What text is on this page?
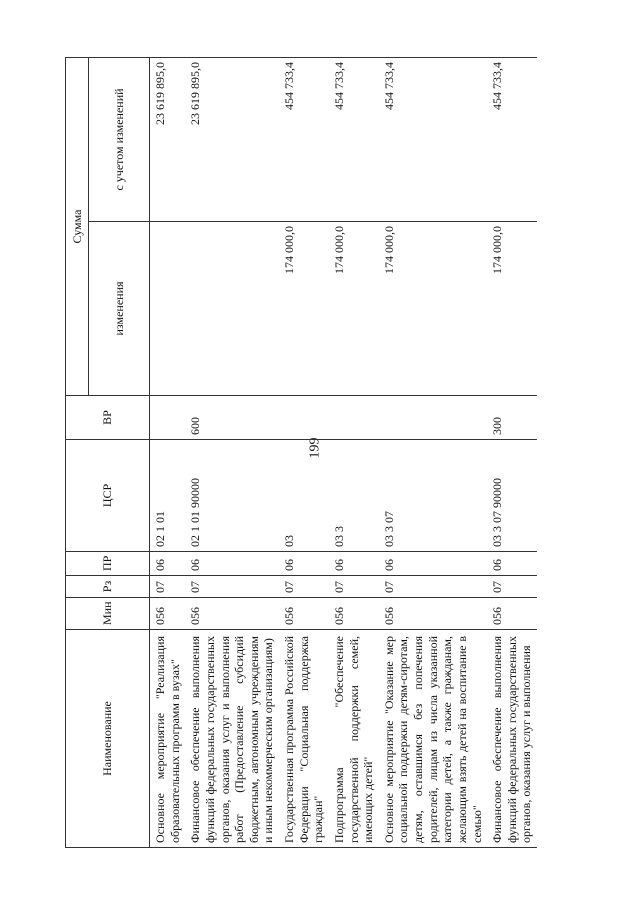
199
Наименование	Мин	Рз	ПР	ЦСР	ВР	Сумма	
						изменения	с учетом изменений
Основное мероприятие "Реализация образовательных программ в вузах"	056	07	06	02 1 01			23 619 895,0
Финансовое обеспечение выполнения функций федеральных государственных органов, оказания услуг и выполнения работ (Предоставление субсидий бюджетным, автономным учреждениям и иным некоммерческим организациям)	056	07	06	02 1 01 90000	600		23 619 895,0
Государственная программа Российской Федерации "Социальная поддержка граждан"	056	07	06	03		174 000,0	454 733,4
Подпрограмма "Обеспечение государственной поддержки семей, имеющих детей"	056	07	06	03 3		174 000,0	454 733,4
Основное мероприятие "Оказание мер социальной поддержки детям-сиротам, детям, оставшимся без попечения родителей, лицам из числа указанной категории детей, а также гражданам, желающим взять детей на воспитание в семью"	056	07	06	03 3 07		174 000,0	454 733,4
Финансовое обеспечение выполнения функций федеральных государственных органов, оказания услуг и выполнения	056	07	06	03 3 07 90000	300	174 000,0	454 733,4
